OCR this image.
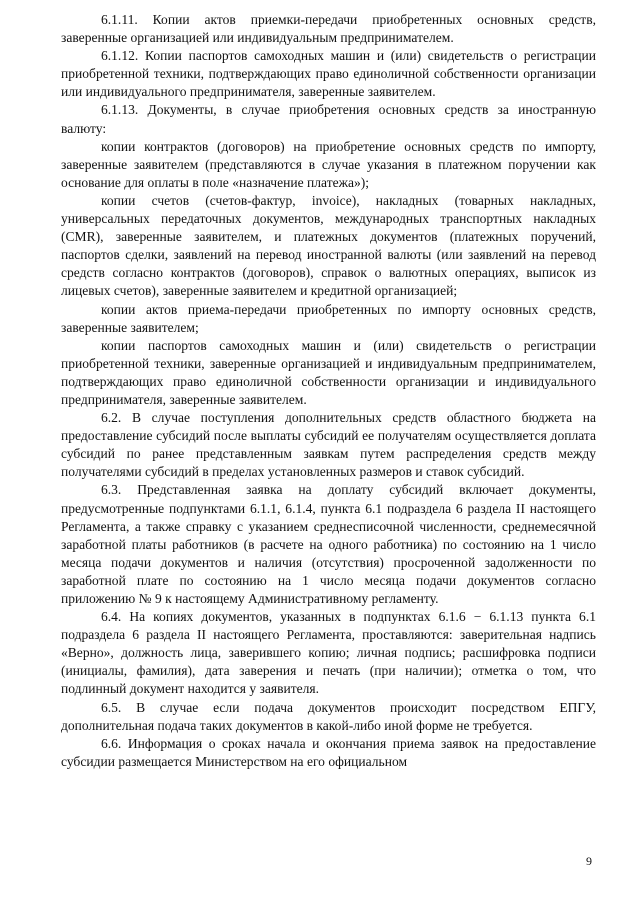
6.1.11. Копии актов приемки-передачи приобретенных основных средств, заверенные организацией или индивидуальным предпринимателем.

6.1.12. Копии паспортов самоходных машин и (или) свидетельств о регистрации приобретенной техники, подтверждающих право единоличной собственности организации или индивидуального предпринимателя, заверенные заявителем.

6.1.13. Документы, в случае приобретения основных средств за иностранную валюту:

копии контрактов (договоров) на приобретение основных средств по импорту, заверенные заявителем (представляются в случае указания в платежном поручении как основание для оплаты в поле «назначение платежа»);

копии счетов (счетов-фактур, invoice), накладных (товарных накладных, универсальных передаточных документов, международных транспортных накладных (CMR), заверенные заявителем, и платежных документов (платежных поручений, паспортов сделки, заявлений на перевод иностранной валюты (или заявлений на перевод средств согласно контрактов (договоров), справок о валютных операциях, выписок из лицевых счетов), заверенные заявителем и кредитной организацией;

копии актов приема-передачи приобретенных по импорту основных средств, заверенные заявителем;

копии паспортов самоходных машин и (или) свидетельств о регистрации приобретенной техники, заверенные организацией и индивидуальным предпринимателем, подтверждающих право единоличной собственности организации и индивидуального предпринимателя, заверенные заявителем.

6.2. В случае поступления дополнительных средств областного бюджета на предоставление субсидий после выплаты субсидий ее получателям осуществляется доплата субсидий по ранее представленным заявкам путем распределения средств между получателями субсидий в пределах установленных размеров и ставок субсидий.

6.3. Представленная заявка на доплату субсидий включает документы, предусмотренные подпунктами 6.1.1, 6.1.4, пункта 6.1 подраздела 6 раздела II настоящего Регламента, а также справку с указанием среднесписочной численности, среднемесячной заработной платы работников (в расчете на одного работника) по состоянию на 1 число месяца подачи документов и наличия (отсутствия) просроченной задолженности по заработной плате по состоянию на 1 число месяца подачи документов согласно приложению № 9 к настоящему Административному регламенту.

6.4. На копиях документов, указанных в подпунктах 6.1.6 − 6.1.13 пункта 6.1 подраздела 6 раздела II настоящего Регламента, проставляются: заверительная надпись «Верно», должность лица, заверившего копию; личная подпись; расшифровка подписи (инициалы, фамилия), дата заверения и печать (при наличии); отметка о том, что подлинный документ находится у заявителя.

6.5. В случае если подача документов происходит посредством ЕПГУ, дополнительная подача таких документов в какой-либо иной форме не требуется.

6.6. Информация о сроках начала и окончания приема заявок на предоставление субсидии размещается Министерством на его официальном

9
